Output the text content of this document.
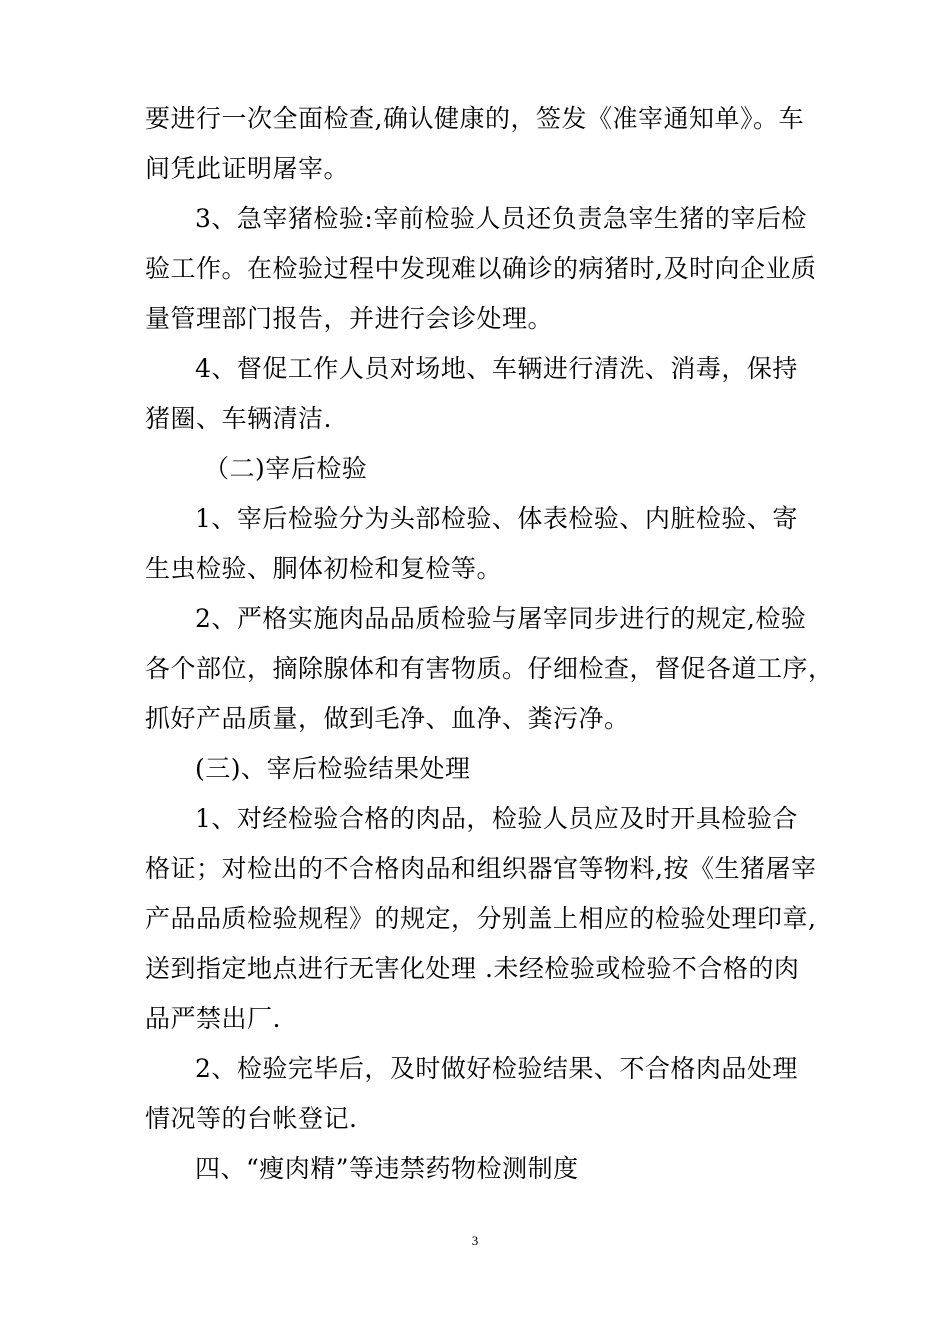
要进行一次全面检查,确认健康的，签发《准宰通知单》。车
间凭此证明屠宰。
3、急宰猪检验:宰前检验人员还负责急宰生猪的宰后检
验工作。在检验过程中发现难以确诊的病猪时,及时向企业质
量管理部门报告，并进行会诊处理。
4、督促工作人员对场地、车辆进行清洗、消毒，保持
猪圈、车辆清洁.
（二)宰后检验
1、宰后检验分为头部检验、体表检验、内脏检验、寄
生虫检验、胴体初检和复检等。
2、严格实施肉品品质检验与屠宰同步进行的规定,检验
各个部位，摘除腺体和有害物质。仔细检查，督促各道工序，
抓好产品质量，做到毛净、血净、粪污净。
(三)、宰后检验结果处理
1、对经检验合格的肉品，检验人员应及时开具检验合
格证；对检出的不合格肉品和组织器官等物料,按《生猪屠宰
产品品质检验规程》的规定，分别盖上相应的检验处理印章,
送到指定地点进行无害化处理 .未经检验或检验不合格的肉
品严禁出厂.
2、检验完毕后，及时做好检验结果、不合格肉品处理
情况等的台帐登记.
四、“瘦肉精”等违禁药物检测制度
3
